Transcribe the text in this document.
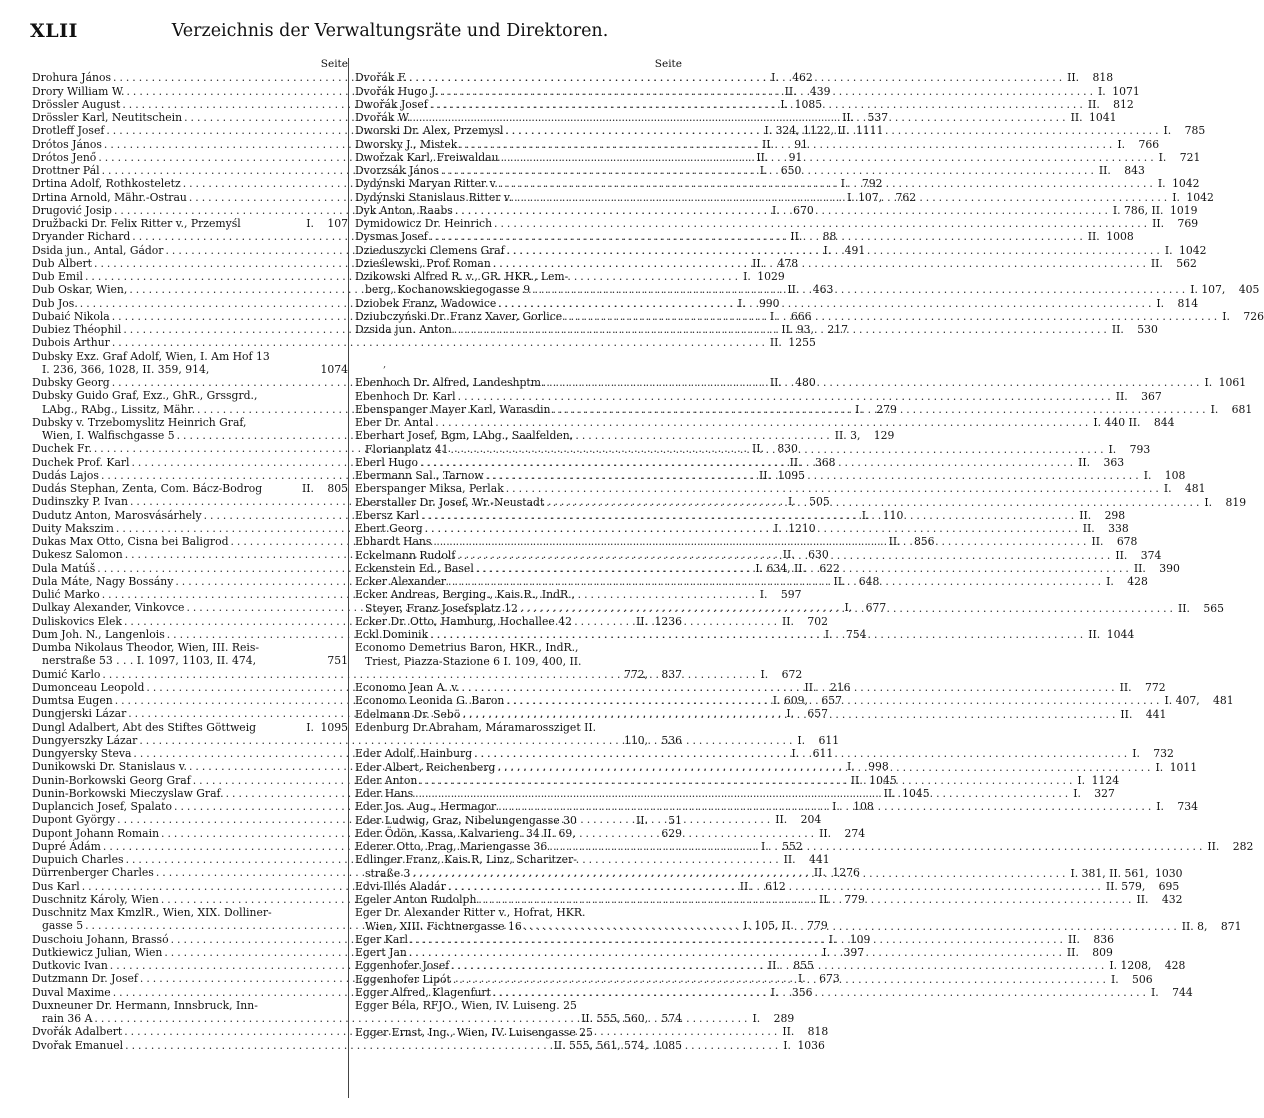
XLII	Verzeichnis der Verwaltungsräte und Direktoren.
Seite
Drohura János .....	I.	462
Drory William W. .....	II.	439
Drössler August .....	I. 1085
Drössler Karl, Neutitschein .....	II.	537
Drotleff Josef .....	I. 324, 1122, II. 1111
Drótos János .....	II.	91
Drótos Jenő .....	II.	91
Drottner Pál .....	I.	650
Drtina Adolf, Rothkosteletz .....	I.	792
Drtina Arnold, Mähr.-Ostrau .....	I. 107,	762
Drugović Josip .....	I.	670
Družbacki Dr. Felix Ritter v., Przemyśl	I.	107
Dryander Richard .....	II.	88
Dsida jun., Antal, Gádor .....	I.	491
Dub Albert .....	II.	478
Dub Emil .....	I. 1029
Dub Oskar, Wien, .....	II.	463
Dub Jos. .....	I.	990
Dubaić Nikola .....	I.	666
Dubiez Théophil .....	II. 93,	217
Dubois Arthur .....	II. 1255
Dubsky Exz. Graf Adolf, Wien, I. Am Hof 13
I. 236, 366, 1028, II. 359, 914,	1074
Dubsky Georg .....	II.	480
Dubsky Guido Graf, Exz., GhR., Grssgrd.,
LAbg., RAbg., Lissitz, Mähr. .....	I.	279
Dubsky v. Trzebomyslitz Heinrich Graf,
Wien, I. Walfischgasse 5 .....	II. 3,	129
Duchek Fr. .....	II.	830
Duchek Prof. Karl .....	II.	368
Dudás Lajos .....	II. 1095
Dudás Stephan, Zenta, Com. Bácz-Bodrog	II.	805
Dudinszky P. Ivan .....	I.	505
Dudutz Anton, Marosvásárhely .....	I.	110
Duity Makszim .....	I. 1210
Dukas Max Otto, Cisna bei Baligrod .....	II.	856
Dukesz Salomon .....	II.	630
Dula Matúš .....	I. 634, II.	622
Dula Máte, Nagy Bossány .....	II.	648
Dulić Marko .....	I.	597
Dulkay Alexander, Vinkovce .....	I.	677
Duliskovics Elek .....	II.	702
Dum Joh. N., Langenlois .....	I.	754
Dumba Nikolaus Theodor, Wien, III. Reis-
nerstraße 53 . . . I. 1097, 1103, II. 474,	751
Dumić Karlo .....	I.	672
Dumonceau Leopold .....	II.	216
Dumtsa Eugen .....	I. 609,	657
Dungjerski Lázar .....	I.	657
Dungl Adalbert, Abt des Stiftes Göttweig	I. 1095
Dungyerszky Lázar .....	I.	611
Dungyersky Steva .....	I.	611
Dunikowski Dr. Stanislaus v. .....	I.	998
Dunin-Borkowski Georg Graf .....	II. 1045
Dunin-Borkowski Mieczyslaw Graf. .....	II. 1045
Duplancich Josef, Spalato .....	I.	108
Dupont György .....	II.	204
Dupont Johann Romain .....	II.	274
Dupré Ádám .....	I.	552
Dupuich Charles .....	II.	441
Dürrenberger Charles .....	II. 1276
Dus Karl .....	II.	612
Duschnitz Károly, Wien .....	II.	779
Duschnitz Max KmzlR., Wien, XIX. Dolliner-
gasse 5 .....	I. 105, II.	779
Duschoiu Johann, Brassó .....	I.	109
Dutkiewicz Julian, Wien .....	I.	397
Dutkovic Ivan .....	II.	855
Dutzmann Dr. Josef .....	I.	673
Duval Maxime .....	I.	356
Duxneuner Dr. Hermann, Innsbruck, Inn-
rain 36 A .....	I.	289
Dvořák Adalbert .....	II.	818
Dvořak Emanuel .....	I. 1036
Seite
Dvořák F. .....	II.	818
Dvořák Hugo J. .....	I. 1071
Dwořák Josef .....	II.	812
Dvořák W. .....	II. 1041
Dworski Dr. Alex, Przemysl .....	I.	785
Dworsky J., Mistek .....	I.	766
Dwořzak Karl, Freiwaldau .....	I.	721
Dvorzsák János .....	II.	843
Dydýnski Maryan Ritter v. .....	I. 1042
Dydýnski Stanislaus Ritter v. .....	I. 1042
Dyk Anton, Raabs .....	I. 786, II. 1019
Dymidowicz Dr. Heinrich .....	II.	769
Dysmas Josef .....	II. 1008
Dzieduszycki Clemens Graf .....	I. 1042
Dzieślewski, Prof Roman .....	II.	562
Dzikowski Alfred R. v., GR. HKR., Lem-
berg, Kochanowskiegogasse 9 .....	I. 107,	405
Dziobek Franz, Wadowice .....	I.	814
Dziubczyński Dr. Franz Xaver, Gorlice .....	I.	726
Dzsida jun. Anton .....	II.	530
,
Ebenhoch Dr. Alfred, Landeshptm. .....	I. 1061
Ebenhoch Dr. Karl .....	II.	367
Ebenspanger Mayer Karl, Warasdin .....	I.	681
Eber Dr. Antal .....	I. 440 II.	844
Eberhart Josef, Bgm, LAbg., Saalfelden,
Florianplatz 41 .....	I.	793
Eberl Hugo .....	II.	363
Ebermann Sal., Tarnow .....	I.	108
Eberspanger Miksa, Perlak .....	I.	481
Eberstaller Dr. Josef, Wr.-Neustadt .....	I.	819
Ebersz Karl .....	II.	298
Ebert Georg .....	II.	338
Ebhardt Hans .....	II.	678
Eckelmann Rudolf .....	II.	374
Eckenstein Ed., Basel .....	II.	390
Ecker Alexander .....	I.	428
Ecker Andreas, Berging., Kais.R., IndR.,
Steyer, Franz Josefsplatz 12 .....	II.	565
Ecker Dr. Otto, Hamburg, Hochallee 42	II. 1236
Eckl Dominik .....	II. 1044
Economo Demetrius Baron, HKR., IndR.,
Triest, Piazza-Stazione 6 I. 109, 400, II.
772,	837
Economo Jean A. v. .....	II.	772
Economo Leonida G. Baron .....	I. 407,	481
Edelmann Dr. Sebö .....	II.	441
Edenburg Dr.Abraham, Máramarossziget II.
110,	536
Eder Adolf, Hainburg .....	I.	732
Eder Albert, Reichenberg .....	I. 1011
Eder Anton .....	I. 1124
Eder Hans .....	I.	327
Eder Jos. Aug., Hermagor .....	I.	734
Eder Ludwig, Graz, Nibelungengasse 30	II.	51
Eder Ödön, Kassa, Kalvarieng. 34 II. 69,	629
Ederer Otto, Prag, Mariengasse 36 .....	II.	282
Edlinger Franz, Kais.R, Linz, Scharitzer-
straße 3 .....	I. 381, II. 561, 1030
Edvi-Illés Aladár .....	II. 579,	695
Egeler Anton Rudolph .....	II.	432
Eger Dr. Alexander Ritter v., Hofrat, HKR.
Wien, XIII. Fichtnergasse 16 .....	II. 8,	871
Eger Karl .....	II.	836
Egert Jan .....	II.	809
Eggenhofer Josef .....	I. 1208,	428
Eggenhofer Lipót .....	I.	506
Egger Alfred, Klagenfurt .....	I.	744
Egger Béla, RFJO., Wien, IV. Luiseng. 25
II. 555, 560,	574
Egger Ernst, Ing., Wien, IV. Luisengasse 25
II. 555, 561, 574, 1085
